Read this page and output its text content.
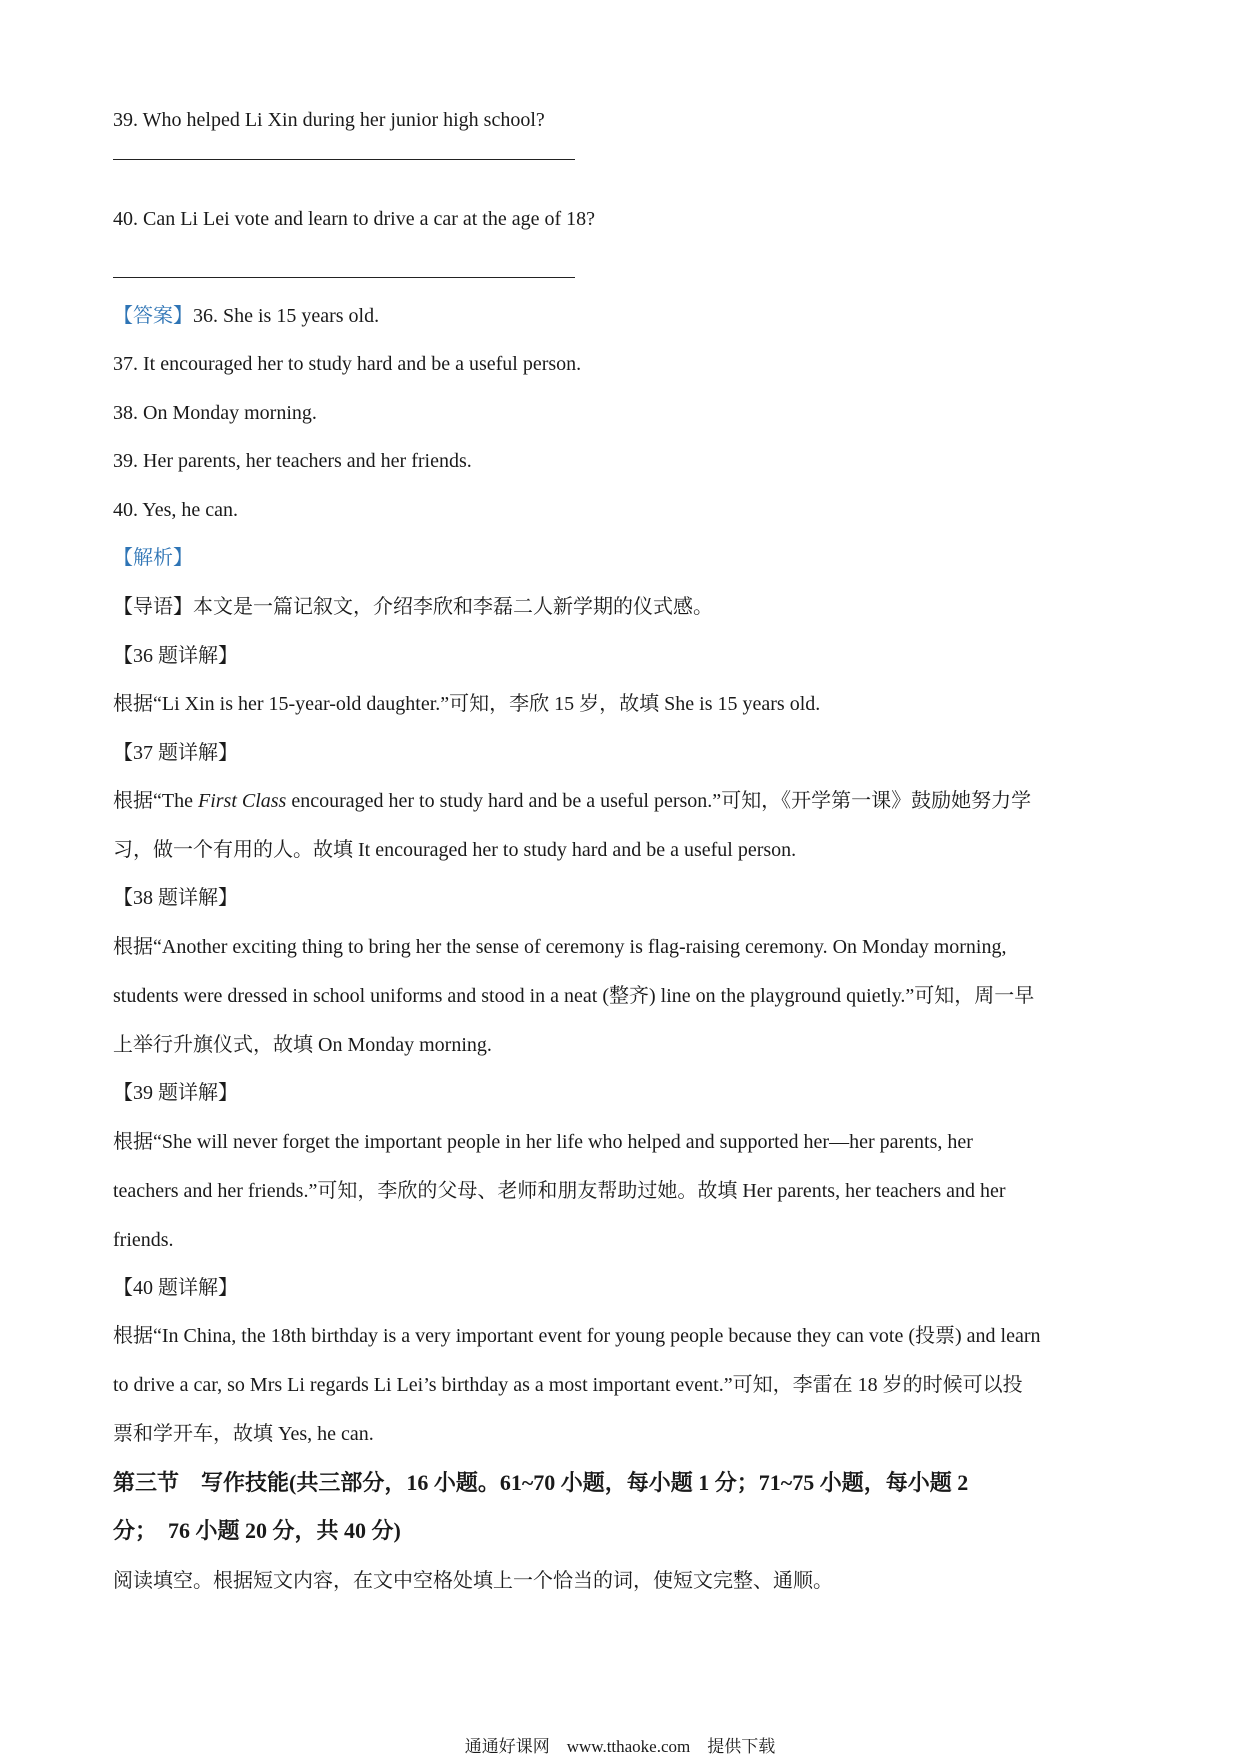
39. Who helped Li Xin during her junior high school?
40. Can Li Lei vote and learn to drive a car at the age of 18?
【答案】36. She is 15 years old.
37. It encouraged her to study hard and be a useful person.
38. On Monday morning.
39. Her parents, her teachers and her friends.
40. Yes, he can.
【解析】
【导语】本文是一篇记叙文，介绍李欣和李磊二人新学期的仪式感。
【36 题详解】
根据“Li Xin is her 15-year-old daughter.”可知，李欣 15 岁，故填 She is 15 years old.
【37 题详解】
根据“The First Class encouraged her to study hard and be a useful person.”可知，《开学第一课》鼓励她努力学
习，做一个有用的人。故填 It encouraged her to study hard and be a useful person.
【38 题详解】
根据“Another exciting thing to bring her the sense of ceremony is flag-raising ceremony. On Monday morning,
students were dressed in school uniforms and stood in a neat (整齐) line on the playground quietly.”可知，周一早
上举行升旗仪式，故填 On Monday morning.
【39 题详解】
根据“She will never forget the important people in her life who helped and supported her—her parents, her
teachers and her friends.”可知，李欣的父母、老师和朋友帮助过她。故填 Her parents, her teachers and her
friends.
【40 题详解】
根据“In China, the 18th birthday is a very important event for young people because they can vote (投票) and learn
to drive a car, so Mrs Li regards Li Lei’s birthday as a most important event.”可知，李雷在 18 岁的时候可以投
票和学开车，故填 Yes, he can.
第三节　写作技能(共三部分，16 小题。61~70 小题，每小题 1 分；71~75 小题，每小题 2
分；　76 小题 20 分，共 40 分)
阅读填空。根据短文内容，在文中空格处填上一个恰当的词，使短文完整、通顺。
通通好课网　www.tthaoke.com　提供下载
